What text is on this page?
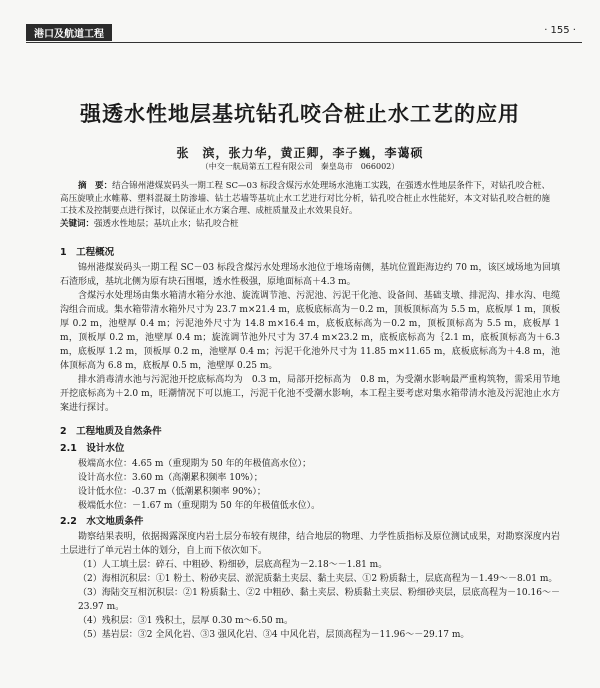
港口及航道工程	· 155 ·
强透水性地层基坑钻孔咬合桩止水工艺的应用
张　滨，张力华，黄正卿，李子巍，李蔼硕
（中交一航局第五工程有限公司　秦皇岛市　066002）

摘　要：结合锦州港煤炭码头一期工程 SC—03 标段含煤污水处理场水池施工实践，在强透水性地层条件下，对钻孔咬合桩、高压旋喷止水帷幕、塑料混凝土防渗墙、钻土芯墙等基坑止水工艺进行对比分析，钻孔咬合桩止水性能好，本文对钻孔咬合桩的施工技术及控制要点进行探讨，以保证止水方案合理、成桩质量及止水效果良好。

关键词：强透水性地层；基坑止水；钻孔咬合桩

1　工程概况

锦州港煤炭码头一期工程 SC－03 标段含煤污水处理场水池位于堆场南侧，基坑位置距海边约 70 m，该区域场地为回填石渣形成，基坑北侧为原有块石围堰，透水性极强，原地面标高＋4.3 m。

含煤污水处理场由集水箱清水箱分水池、旋流调节池、污泥池、污泥干化池、设备间、基础支墩、排泥沟、排水沟、电缆沟组合而成。集水箱带清水箱外尺寸为 23.7 m×21.4 m，底板底标高为－0.2 m，顶板顶标高为 5.5 m，底板厚 1 m，顶板厚 0.2 m，池壁厚 0.4 m；污泥池外尺寸为 14.8 m×16.4 m，底板底标高为－0.2 m，顶板顶标高为 5.5 m，底板厚 1 m，顶板厚 0.2 m，池壁厚 0.4 m；旋流调节池外尺寸为 37.4 m×23.2 m，底板底标高为｛2.1 m，底板顶标高为＋6.3 m，底板厚 1.2 m，顶板厚 0.2 m，池壁厚 0.4 m；污泥干化池外尺寸为 11.85 m×11.65 m，底板底标高为＋4.8 m，池体顶标高为 6.8 m，底板厚 0.5 m，池壁厚 0.25 m。

排水消毒清水池与污泥池开挖底标高均为　0.3 m，局部开挖标高为　0.8 m，为受潮水影响最严重构筑物，需采用节地开挖底标高为＋2.0 m，旺潮情况下可以施工，污泥干化池不受潮水影响，本工程主要考虑对集水箱带清水池及污泥池止水方案进行探讨。

2　工程地质及自然条件

2.1　设计水位

极端高水位：4.65 m（重现期为 50 年的年极值高水位）；

设计高水位：3.60 m（高潮累积频率 10%）；

设计低水位：-0.37 m（低潮累积频率 90%）；

极端低水位：－1.67 m（重现期为 50 年的年极值低水位）。

2.2　水文地质条件

勘察结果表明，依据揭露深度内岩土层分布较有规律，结合地层的物理、力学性质指标及原位测试成果，对勘察深度内岩土层进行了单元岩土体的划分，自上而下依次如下。

（1）人工填土层：碎石、中粗砂、粉细砂，层底高程为－2.18～－1.81 m。

（2）海相沉积层：①1 粉土、粉砂夹层、淤泥质黏土夹层、黏土夹层、①2 粉质黏土，层底高程为－1.49～－8.01 m。

（3）海陆交互相沉积层：②1 粉质黏土、②2 中粗砂、黏土夹层、粉质黏土夹层、粉细砂夹层，层底高程为－10.16～－23.97 m。

（4）残积层：③1 残积土，层厚 0.30 m～6.50 m。

（5）基岩层：③2 全风化岩、③3 强风化岩、③4 中风化岩，层顶高程为－11.96～－29.17 m。
